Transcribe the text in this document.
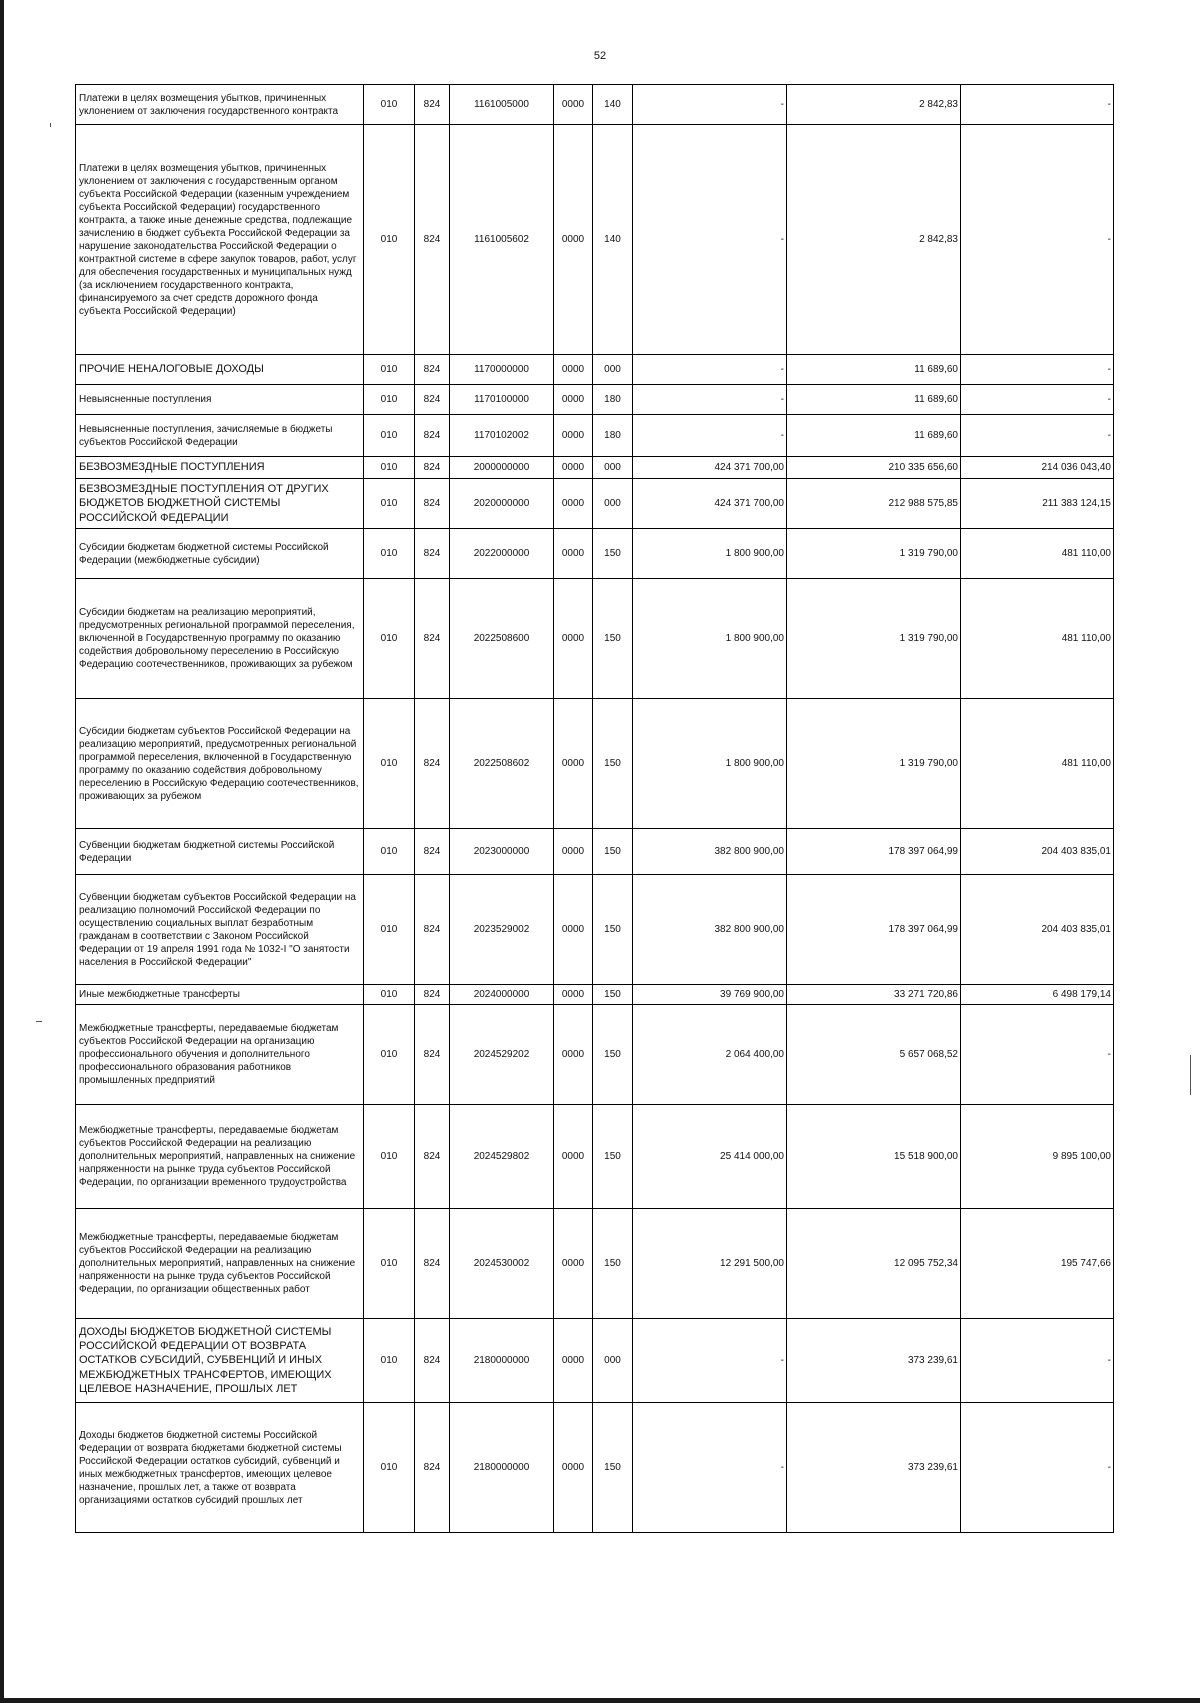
52
Платежи в целях возмещения убытков, причиненных уклонением от заключения государственного контракта	010	824	1161005000	0000	140	-	2 842,83	-
Платежи в целях возмещения убытков, причиненных уклонением от заключения с государственным органом субъекта Российской Федерации (казенным учреждением субъекта Российской Федерации) государственного контракта, а также иные денежные средства, подлежащие зачислению в бюджет субъекта Российской Федерации за нарушение законодательства Российской Федерации о контрактной системе в сфере закупок товаров, работ, услуг для обеспечения государственных и муниципальных нужд (за исключением государственного контракта, финансируемого за счет средств дорожного фонда субъекта Российской Федерации)	010	824	1161005602	0000	140	-	2 842,83	-
ПРОЧИЕ НЕНАЛОГОВЫЕ ДОХОДЫ	010	824	1170000000	0000	000	-	11 689,60	-
Невыясненные поступления	010	824	1170100000	0000	180	-	11 689,60	-
Невыясненные поступления, зачисляемые в бюджеты субъектов Российской Федерации	010	824	1170102002	0000	180	-	11 689,60	-
БЕЗВОЗМЕЗДНЫЕ ПОСТУПЛЕНИЯ	010	824	2000000000	0000	000	424 371 700,00	210 335 656,60	214 036 043,40
БЕЗВОЗМЕЗДНЫЕ ПОСТУПЛЕНИЯ ОТ ДРУГИХ БЮДЖЕТОВ БЮДЖЕТНОЙ СИСТЕМЫ РОССИЙСКОЙ ФЕДЕРАЦИИ	010	824	2020000000	0000	000	424 371 700,00	212 988 575,85	211 383 124,15
Субсидии бюджетам бюджетной системы Российской Федерации (межбюджетные субсидии)	010	824	2022000000	0000	150	1 800 900,00	1 319 790,00	481 110,00
Субсидии бюджетам на реализацию мероприятий, предусмотренных региональной программой переселения, включенной в Государственную программу по оказанию содействия добровольному переселению в Российскую Федерацию соотечественников, проживающих за рубежом	010	824	2022508600	0000	150	1 800 900,00	1 319 790,00	481 110,00
Субсидии бюджетам субъектов Российской Федерации на реализацию мероприятий, предусмотренных региональной программой переселения, включенной в Государственную программу по оказанию содействия добровольному переселению в Российскую Федерацию соотечественников, проживающих за рубежом	010	824	2022508602	0000	150	1 800 900,00	1 319 790,00	481 110,00
Субвенции бюджетам бюджетной системы Российской Федерации	010	824	2023000000	0000	150	382 800 900,00	178 397 064,99	204 403 835,01
Субвенции бюджетам субъектов Российской Федерации на реализацию полномочий Российской Федерации по осуществлению социальных выплат безработным гражданам в соответствии с Законом Российской Федерации от 19 апреля 1991 года № 1032-I "О занятости населения в Российской Федерации"	010	824	2023529002	0000	150	382 800 900,00	178 397 064,99	204 403 835,01
Иные межбюджетные трансферты	010	824	2024000000	0000	150	39 769 900,00	33 271 720,86	6 498 179,14
Межбюджетные трансферты, передаваемые бюджетам субъектов Российской Федерации на организацию профессионального обучения и дополнительного профессионального образования работников промышленных предприятий	010	824	2024529202	0000	150	2 064 400,00	5 657 068,52	-
Межбюджетные трансферты, передаваемые бюджетам субъектов Российской Федерации на реализацию дополнительных мероприятий, направленных на снижение напряженности на рынке труда субъектов Российской Федерации, по организации временного трудоустройства	010	824	2024529802	0000	150	25 414 000,00	15 518 900,00	9 895 100,00
Межбюджетные трансферты, передаваемые бюджетам субъектов Российской Федерации на реализацию дополнительных мероприятий, направленных на снижение напряженности на рынке труда субъектов Российской Федерации, по организации общественных работ	010	824	2024530002	0000	150	12 291 500,00	12 095 752,34	195 747,66
ДОХОДЫ БЮДЖЕТОВ БЮДЖЕТНОЙ СИСТЕМЫ РОССИЙСКОЙ ФЕДЕРАЦИИ ОТ ВОЗВРАТА ОСТАТКОВ СУБСИДИЙ, СУБВЕНЦИЙ И ИНЫХ МЕЖБЮДЖЕТНЫХ ТРАНСФЕРТОВ, ИМЕЮЩИХ ЦЕЛЕВОЕ НАЗНАЧЕНИЕ, ПРОШЛЫХ ЛЕТ	010	824	2180000000	0000	000	-	373 239,61	-
Доходы бюджетов бюджетной системы Российской Федерации от возврата бюджетами бюджетной системы Российской Федерации остатков субсидий, субвенций и иных межбюджетных трансфертов, имеющих целевое назначение, прошлых лет, а также от возврата организациями остатков субсидий прошлых лет	010	824	2180000000	0000	150	-	373 239,61	-
